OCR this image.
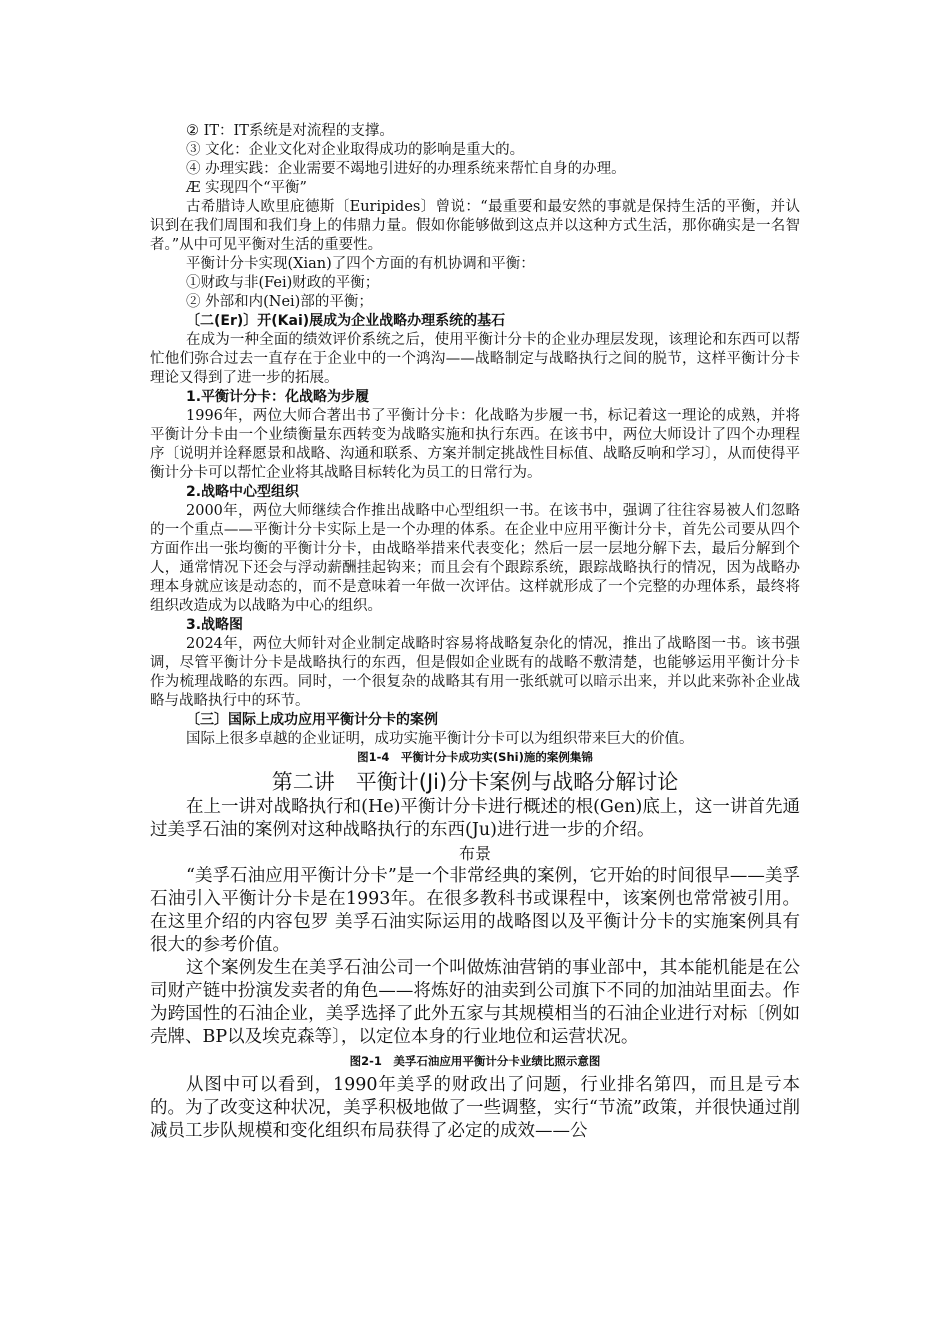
② IT：IT系统是对流程的支撑。

③ 文化：企业文化对企业取得成功的影响是重大的。

④ 办理实践：企业需要不竭地引进好的办理系统来帮忙自身的办理。

Æ 实现四个“平衡”

古希腊诗人欧里庇德斯〔Euripides〕曾说：“最重要和最安然的事就是保持生活的平衡，并认识到在我们周围和我们身上的伟鼎力量。假如你能够做到这点并以这种方式生活，那你确实是一名智者。”从中可见平衡对生活的重要性。

平衡计分卡实现(Xian)了四个方面的有机协调和平衡：

①财政与非(Fei)财政的平衡；

② 外部和内(Nei)部的平衡；

〔二(Er)〕开(Kai)展成为企业战略办理系统的基石

在成为一种全面的绩效评价系统之后，使用平衡计分卡的企业办理层发现，该理论和东西可以帮忙他们弥合过去一直存在于企业中的一个鸿沟——战略制定与战略执行之间的脱节，这样平衡计分卡理论又得到了进一步的拓展。

1.平衡计分卡：化战略为步履

1996年，两位大师合著出书了平衡计分卡：化战略为步履一书，标记着这一理论的成熟，并将平衡计分卡由一个业绩衡量东西转变为战略实施和执行东西。在该书中，两位大师设计了四个办理程序〔说明并诠释愿景和战略、沟通和联系、方案并制定挑战性目标值、战略反响和学习〕，从而使得平衡计分卡可以帮忙企业将其战略目标转化为员工的日常行为。

2.战略中心型组织

2000年，两位大师继续合作推出战略中心型组织一书。在该书中，强调了往往容易被人们忽略的一个重点——平衡计分卡实际上是一个办理的体系。在企业中应用平衡计分卡，首先公司要从四个方面作出一张均衡的平衡计分卡，由战略举措来代表变化；然后一层一层地分解下去，最后分解到个人，通常情况下还会与浮动薪酬挂起钩来；而且会有个跟踪系统，跟踪战略执行的情况，因为战略办理本身就应该是动态的，而不是意味着一年做一次评估。这样就形成了一个完整的办理体系，最终将组织改造成为以战略为中心的组织。

3.战略图

2024年，两位大师针对企业制定战略时容易将战略复杂化的情况，推出了战略图一书。该书强调，尽管平衡计分卡是战略执行的东西，但是假如企业既有的战略不敷清楚，也能够运用平衡计分卡作为梳理战略的东西。同时，一个很复杂的战略其有用一张纸就可以暗示出来，并以此来弥补企业战略与战略执行中的环节。

〔三〕国际上成功应用平衡计分卡的案例

国际上很多卓越的企业证明，成功实施平衡计分卡可以为组织带来巨大的价值。

图1-4　平衡计分卡成功实(Shi)施的案例集锦

第二讲　平衡计(Ji)分卡案例与战略分解讨论

在上一讲对战略执行和(He)平衡计分卡进行概述的根(Gen)底上，这一讲首先通过美孚石油的案例对这种战略执行的东西(Ju)进行进一步的介绍。

布景

“美孚石油应用平衡计分卡”是一个非常经典的案例，它开始的时间很早——美孚石油引入平衡计分卡是在1993年。在很多教科书或课程中，该案例也常常被引用。在这里介绍的内容包罗 美孚石油实际运用的战略图以及平衡计分卡的实施案例具有很大的参考价值。

这个案例发生在美孚石油公司一个叫做炼油营销的事业部中，其本能机能是在公司财产链中扮演发卖者的角色——将炼好的油卖到公司旗下不同的加油站里面去。作为跨国性的石油企业，美孚选择了此外五家与其规模相当的石油企业进行对标〔例如壳牌、BP以及埃克森等〕，以定位本身的行业地位和运营状况。

图2-1　美孚石油应用平衡计分卡业绩比照示意图

从图中可以看到，1990年美孚的财政出了问题，行业排名第四，而且是亏本的。为了改变这种状况，美孚积极地做了一些调整，实行“节流”政策，并很快通过削减员工步队规模和变化组织布局获得了必定的成效——公
